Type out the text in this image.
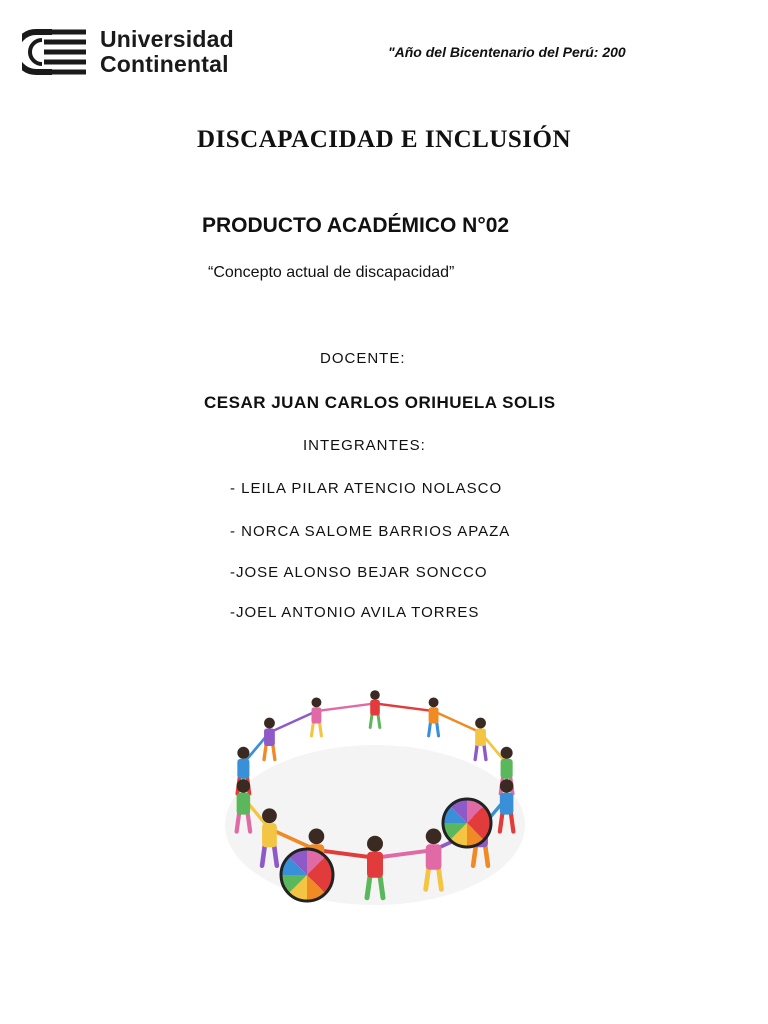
Universidad
Continental	"Año del Bicentenario del Perú: 200
DISCAPACIDAD E INCLUSIÓN
PRODUCTO ACADÉMICO N°02
“Concepto actual de discapacidad”
DOCENTE:
CESAR JUAN CARLOS ORIHUELA SOLIS
INTEGRANTES:
- LEILA PILAR ATENCIO NOLASCO
- NORCA SALOME BARRIOS APAZA
-JOSE ALONSO BEJAR SONCCO
-JOEL ANTONIO AVILA TORRES
